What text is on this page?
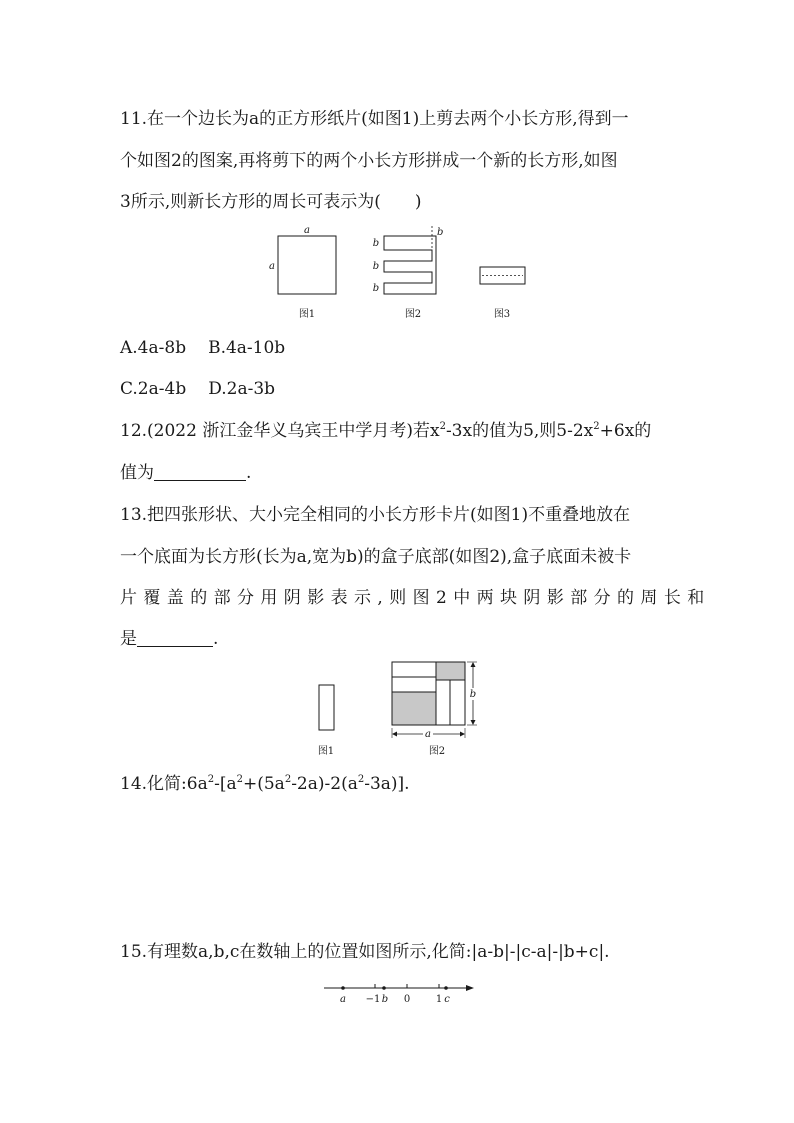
11.在一个边长为a的正方形纸片(如图1)上剪去两个小长方形,得到一
个如图2的图案,再将剪下的两个小长方形拼成一个新的长方形,如图
3所示,则新长方形的周长可表示为(　　)
a
a
图1
b
b
b
b
图2	图3
A.4a-8b B.4a-10b
C.2a-4b D.2a-3b
12.(2022 浙江金华义乌宾王中学月考)若$x^2-3x$的值为5,则$5-2x^2+6x$的
值为	.
13.把四张形状、大小完全相同的小长方形卡片(如图1)不重叠地放在
一个底面为长方形(长为a,宽为b)的盒子底部(如图2),盒子底面未被卡
片覆盖的部分用阴影表示,则图2中两块阴影部分的周长和
是	.
图1
b
a
图2
14.化简$:6a^2-[a^2+(5a^2-2a)-2(a^2-3a)]$.
15.有理数a,b,c在数轴上的位置如图所示,化简:|a-b|-|c-a|-|b+c|.
a −1 b 0	1 c
